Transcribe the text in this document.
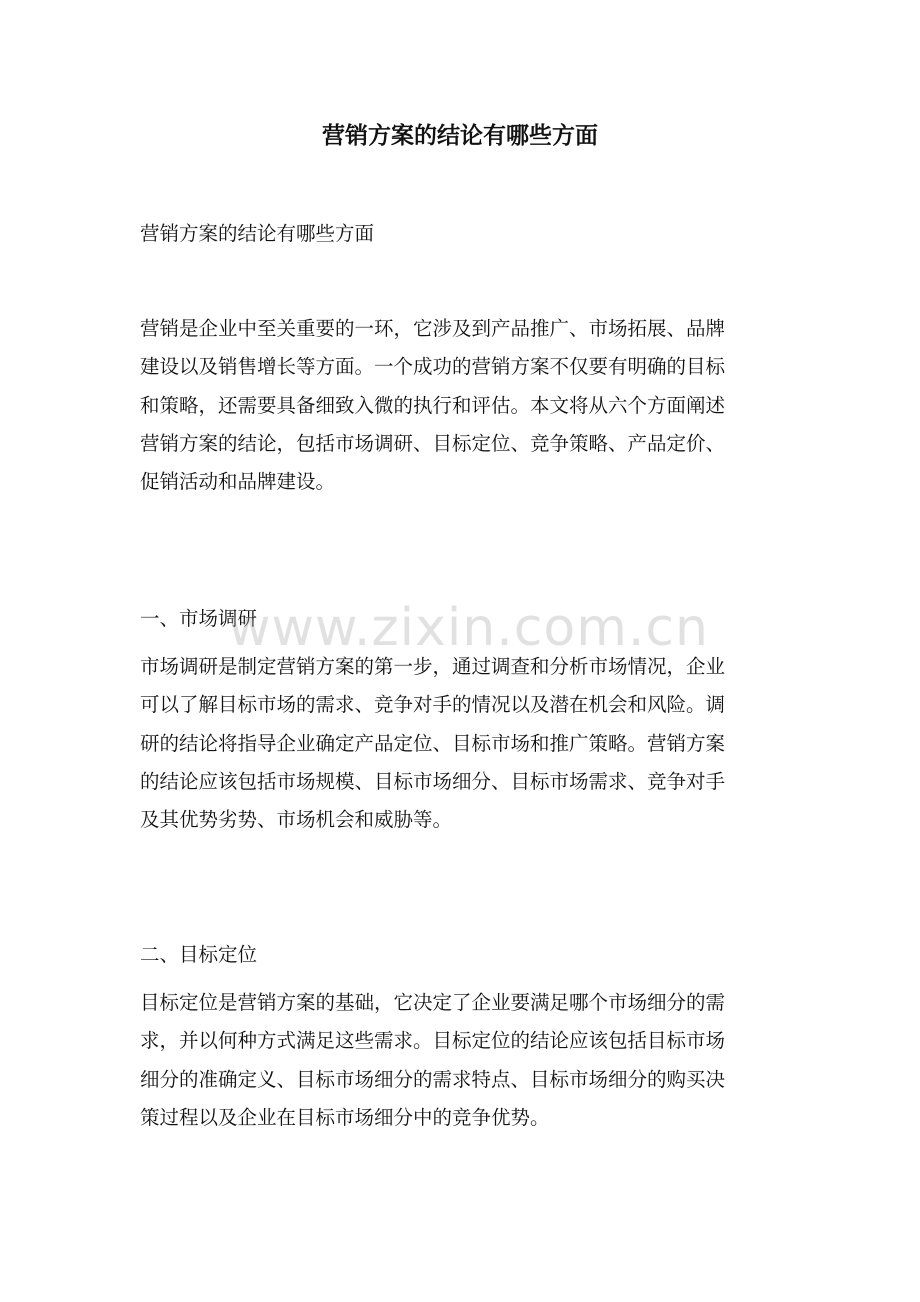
营销方案的结论有哪些方面

营销方案的结论有哪些方面

营销是企业中至关重要的一环，它涉及到产品推广、市场拓展、品牌
建设以及销售增长等方面。一个成功的营销方案不仅要有明确的目标
和策略，还需要具备细致入微的执行和评估。本文将从六个方面阐述
营销方案的结论，包括市场调研、目标定位、竞争策略、产品定价、
促销活动和品牌建设。

一、市场调研

市场调研是制定营销方案的第一步，通过调查和分析市场情况，企业
可以了解目标市场的需求、竞争对手的情况以及潜在机会和风险。调
研的结论将指导企业确定产品定位、目标市场和推广策略。营销方案
的结论应该包括市场规模、目标市场细分、目标市场需求、竞争对手
及其优势劣势、市场机会和威胁等。

二、目标定位

目标定位是营销方案的基础，它决定了企业要满足哪个市场细分的需
求，并以何种方式满足这些需求。目标定位的结论应该包括目标市场
细分的准确定义、目标市场细分的需求特点、目标市场细分的购买决
策过程以及企业在目标市场细分中的竞争优势。
www.zixin.com.cn
